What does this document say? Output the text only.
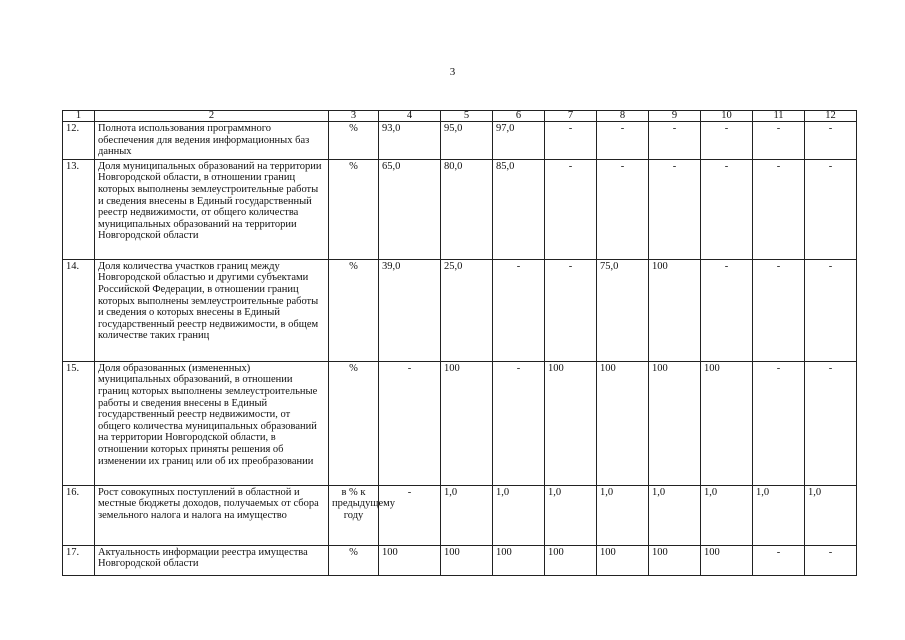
3
1	2	3	4	5	6	7	8	9	10	11	12
12.	Полнота использования программного обеспечения для ведения информационных баз данных	%	93,0	95,0	97,0	-	-	-	-	-	-
13.	Доля муниципальных образований на территории Новгородской области, в отношении границ которых выполнены землеустроительные работы и сведения внесены в Единый государственный реестр недвижимости, от общего количества муниципальных образований на территории Новгородской области	%	65,0	80,0	85,0	-	-	-	-	-	-
14.	Доля количества участков границ между Новгородской областью и другими субъектами Российской Федерации, в отношении границ которых выполнены землеустроительные работы и сведения о которых внесены в Единый государственный реестр недвижимости, в общем количестве таких границ	%	39,0	25,0	-	-	75,0	100	-	-	-
15.	Доля образованных (измененных) муниципальных образований, в отношении границ которых выполнены землеустроительные работы и сведения внесены в Единый государственный реестр недвижимости, от общего количества муниципальных образований на территории Новгородской области, в отношении которых приняты решения об изменении их границ или об их преобразовании	%	-	100	-	100	100	100	100	-	-
16.	Рост совокупных поступлений в областной и местные бюджеты доходов, получаемых от сбора земельного налога и налога на имущество	в % к предыдущему году	-	1,0	1,0	1,0	1,0	1,0	1,0	1,0	1,0
17.	Актуальность информации реестра имущества Новгородской области	%	100	100	100	100	100	100	100	-	-
